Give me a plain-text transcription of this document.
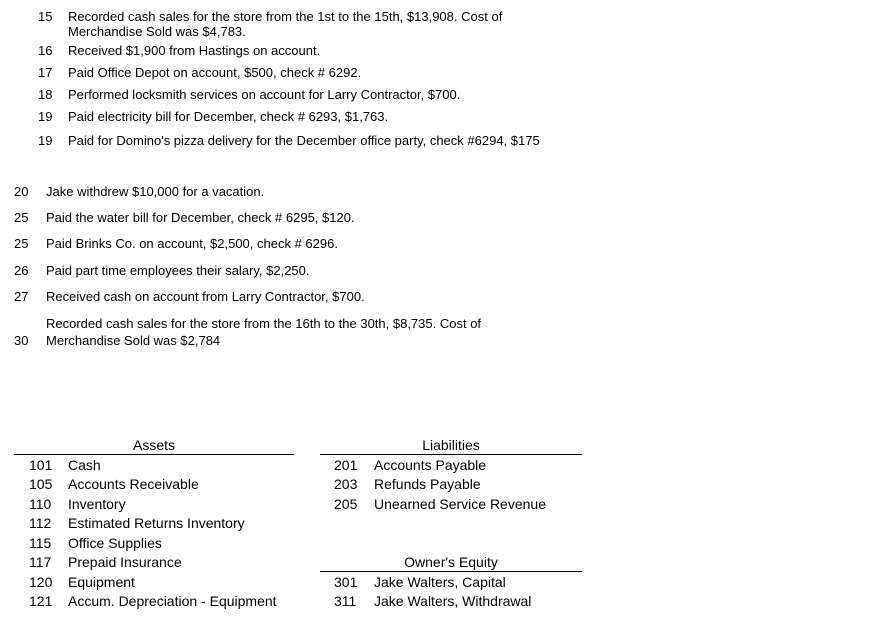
15 Recorded cash sales for the store from the 1st to the 15th, $13,908. Cost of
Merchandise Sold was $4,783.
16 Received $1,900 from Hastings on account.
17 Paid Office Depot on account, $500, check # 6292.
18 Performed locksmith services on account for Larry Contractor, $700.
19 Paid electricity bill for December, check # 6293, $1,763.
19 Paid for Domino's pizza delivery for the December office party, check #6294, $175
20 Jake withdrew $10,000 for a vacation.
25 Paid the water bill for December, check # 6295, $120.
25 Paid Brinks Co. on account, $2,500, check # 6296.
26 Paid part time employees their salary, $2,250.
27 Received cash on account from Larry Contractor, $700.
Recorded cash sales for the store from the 16th to the 30th, $8,735. Cost of
30 Merchandise Sold was $2,784
Assets
101 Cash
105 Accounts Receivable
110 Inventory
112 Estimated Returns Inventory
115 Office Supplies
117 Prepaid Insurance
120 Equipment
121 Accum. Depreciation - Equipment
Liabilities
201 Accounts Payable
203 Refunds Payable
205 Unearned Service Revenue
Owner's Equity
301 Jake Walters, Capital
311 Jake Walters, Withdrawal
